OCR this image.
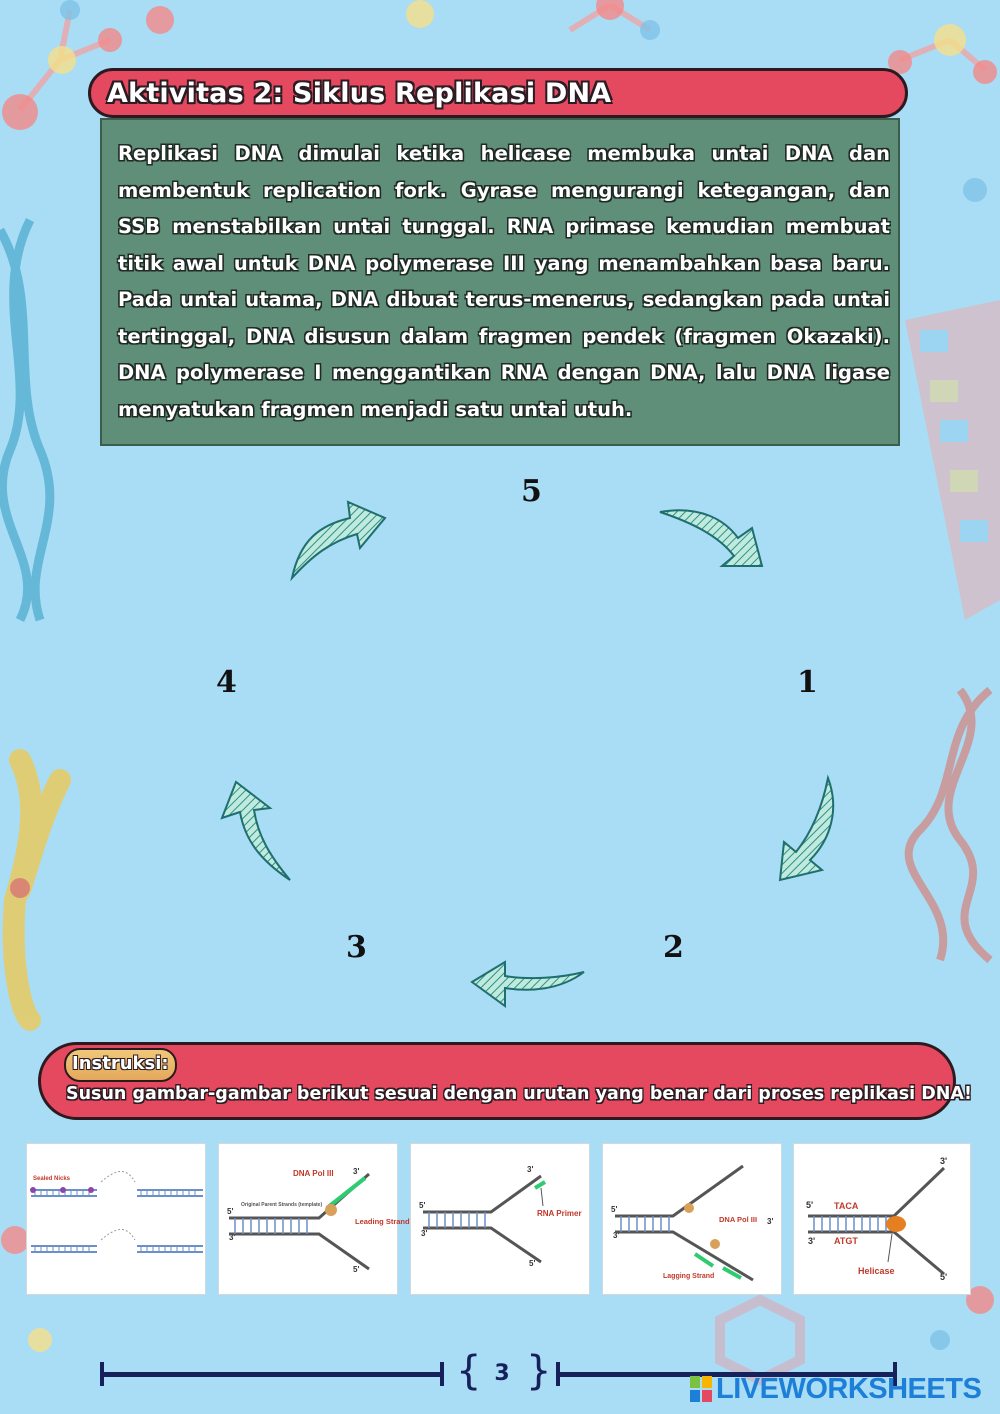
Aktivitas 2: Siklus Replikasi DNA

Replikasi DNA dimulai ketika helicase membuka untai DNA dan membentuk replication fork. Gyrase mengurangi ketegangan, dan SSB menstabilkan untai tunggal. RNA primase kemudian membuat titik awal untuk DNA polymerase III yang menambahkan basa baru. Pada untai utama, DNA dibuat terus-menerus, sedangkan pada untai tertinggal, DNA disusun dalam fragmen pendek (fragmen Okazaki). DNA polymerase I menggantikan RNA dengan DNA, lalu DNA ligase menyatukan fragmen menjadi satu untai utuh.

5
1
4
3	2
Instruksi:
Susun gambar-gambar berikut sesuai dengan urutan yang benar dari proses replikasi DNA!
Sealed Nicks
DNA Pol III
Original Parent Strands (template)
Leading Strand
5'
3'
3'
5'
RNA Primer
5'
3'
3'
5'
DNA Pol III
Lagging Strand
5'
3'
3'
TACA
ATGT
Helicase
5'
3'
3'
5'
{ 3 }	LIVEWORKSHEETS
